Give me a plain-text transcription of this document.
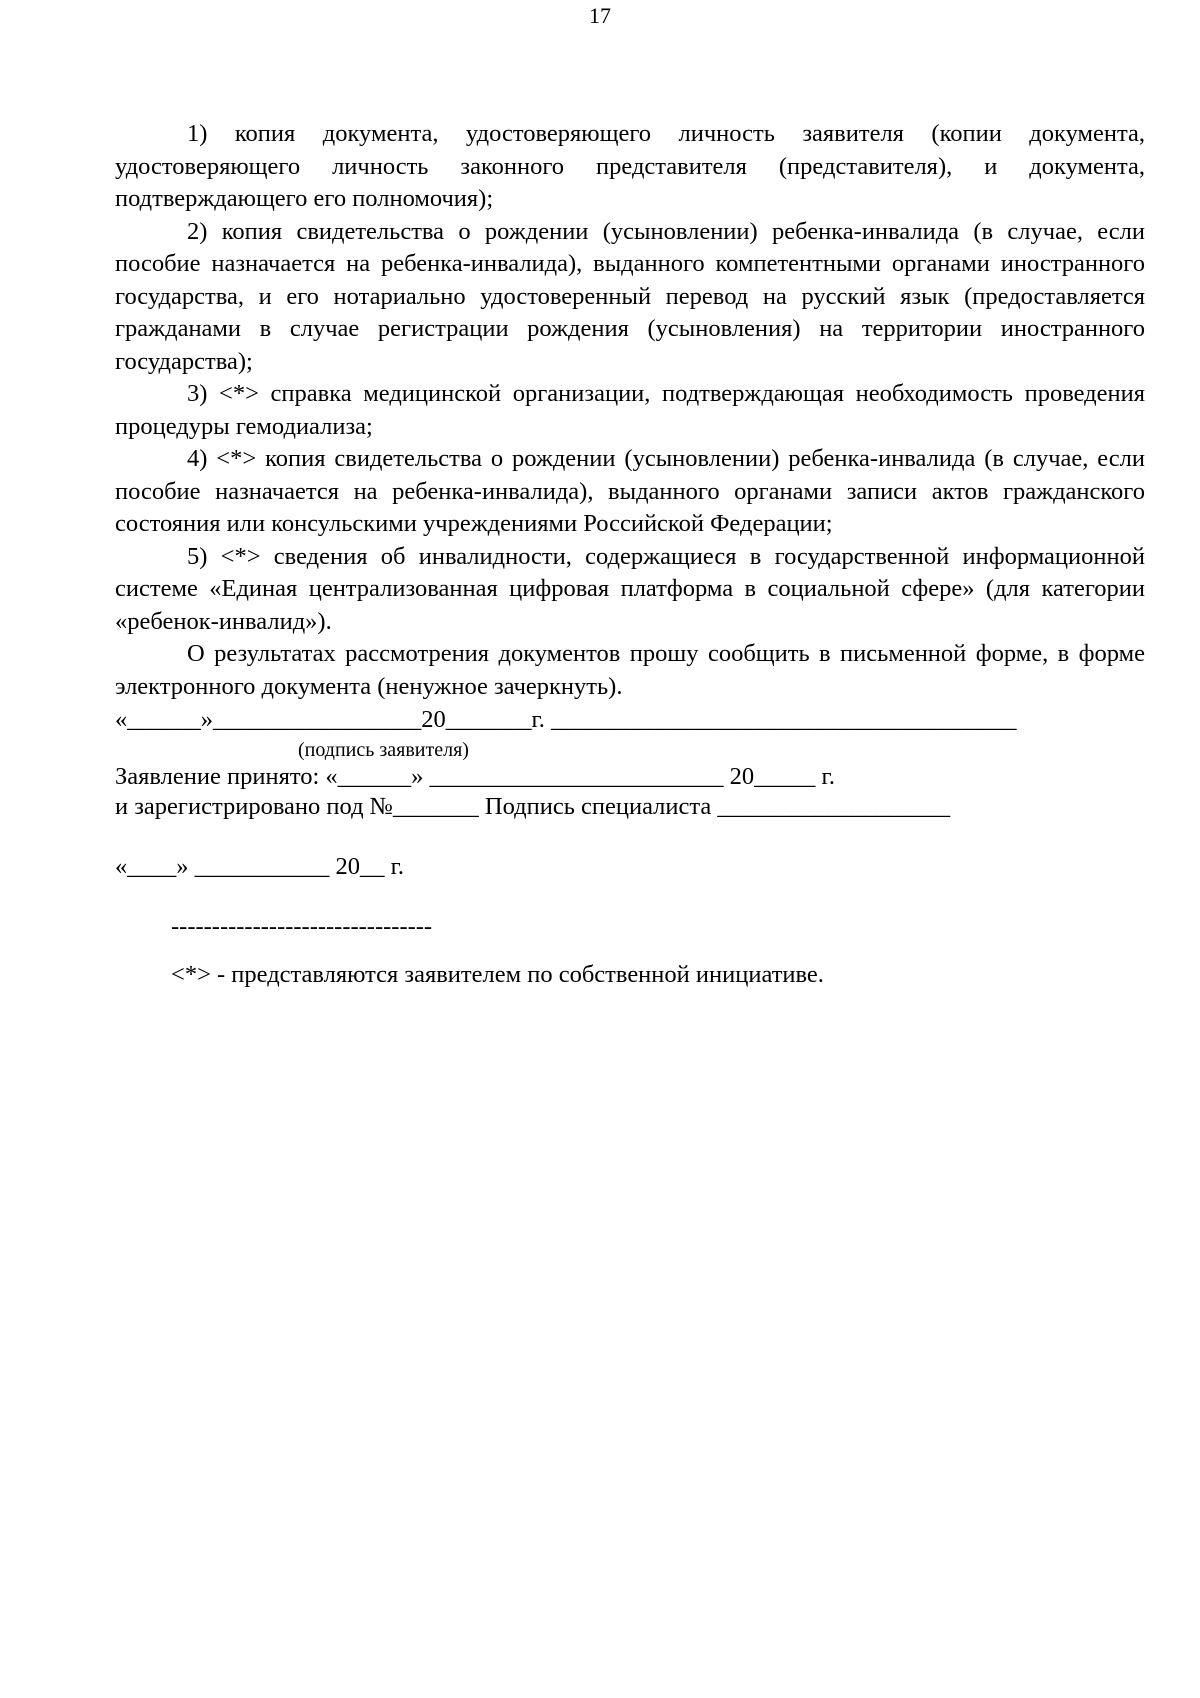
17

1) копия документа, удостоверяющего личность заявителя (копии документа, удостоверяющего личность законного представителя (представителя), и документа, подтверждающего его полномочия);

2) копия свидетельства о рождении (усыновлении) ребенка-инвалида (в случае, если пособие назначается на ребенка-инвалида), выданного компетентными органами иностранного государства, и его нотариально удостоверенный перевод на русский язык (предоставляется гражданами в случае регистрации рождения (усыновления) на территории иностранного государства);

3) <*> справка медицинской организации, подтверждающая необходимость проведения процедуры гемодиализа;

4) <*> копия свидетельства о рождении (усыновлении) ребенка-инвалида (в случае, если пособие назначается на ребенка-инвалида), выданного органами записи актов гражданского состояния или консульскими учреждениями Российской Федерации;

5) <*> сведения об инвалидности, содержащиеся в государственной информационной системе «Единая централизованная цифровая платформа в социальной сфере» (для категории «ребенок-инвалид»).

О результатах рассмотрения документов прошу сообщить в письменной форме, в форме электронного документа (ненужное зачеркнуть).

«______»_________________20_______г. ______________________________________
(подпись заявителя)
Заявление принято: «______» ________________________ 20_____ г.
и зарегистрировано под №_______ Подпись специалиста ___________________
«____» ___________ 20__ г.
--------------------------------
<*> - представляются заявителем по собственной инициативе.
